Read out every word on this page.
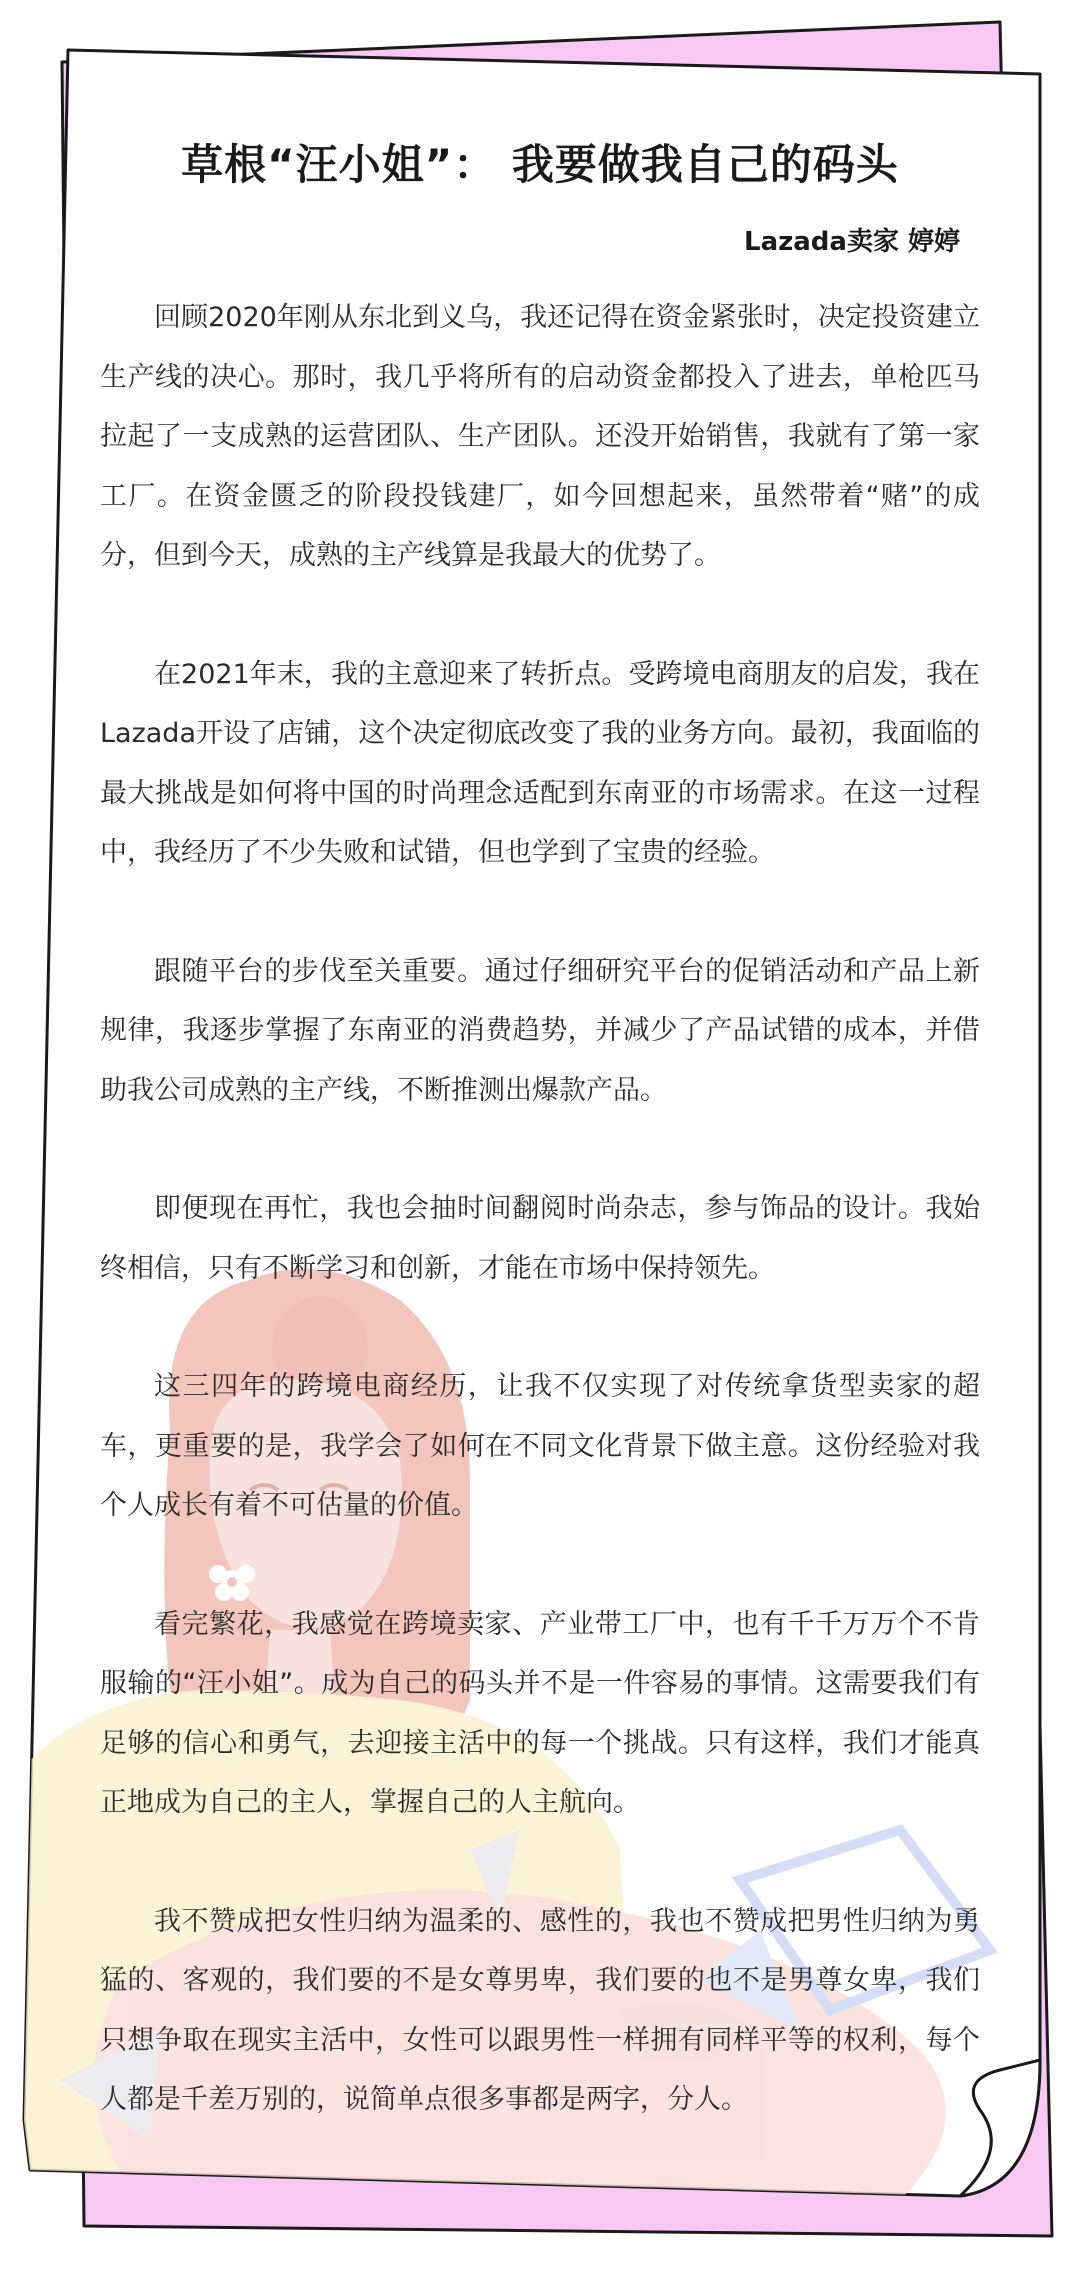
草根“汪小姐”： 我要做我自己的码头
Lazada卖家 婷婷

回顾2020年刚从东北到义乌，我还记得在资金紧张时，决定投资建立生产线的决心。那时，我几乎将所有的启动资金都投入了进去，单枪匹马拉起了一支成熟的运营团队、生产团队。还没开始销售，我就有了第一家工厂。在资金匮乏的阶段投钱建厂，如今回想起来，虽然带着“赌”的成分，但到今天，成熟的主产线算是我最大的优势了。

在2021年末，我的主意迎来了转折点。受跨境电商朋友的启发，我在Lazada开设了店铺，这个决定彻底改变了我的业务方向。最初，我面临的最大挑战是如何将中国的时尚理念适配到东南亚的市场需求。在这一过程中，我经历了不少失败和试错，但也学到了宝贵的经验。

跟随平台的步伐至关重要。通过仔细研究平台的促销活动和产品上新规律，我逐步掌握了东南亚的消费趋势，并减少了产品试错的成本，并借助我公司成熟的主产线，不断推测出爆款产品。

即便现在再忙，我也会抽时间翻阅时尚杂志，参与饰品的设计。我始终相信，只有不断学习和创新，才能在市场中保持领先。

这三四年的跨境电商经历，让我不仅实现了对传统拿货型卖家的超车，更重要的是，我学会了如何在不同文化背景下做主意。这份经验对我个人成长有着不可估量的价值。

看完繁花，我感觉在跨境卖家、产业带工厂中，也有千千万万个不肯服输的“汪小姐”。成为自己的码头并不是一件容易的事情。这需要我们有足够的信心和勇气，去迎接主活中的每一个挑战。只有这样，我们才能真正地成为自己的主人，掌握自己的人主航向。

我不赞成把女性归纳为温柔的、感性的，我也不赞成把男性归纳为勇猛的、客观的，我们要的不是女尊男卑，我们要的也不是男尊女卑，我们只想争取在现实主活中，女性可以跟男性一样拥有同样平等的权利，每个人都是千差万别的，说简单点很多事都是两字，分人。
